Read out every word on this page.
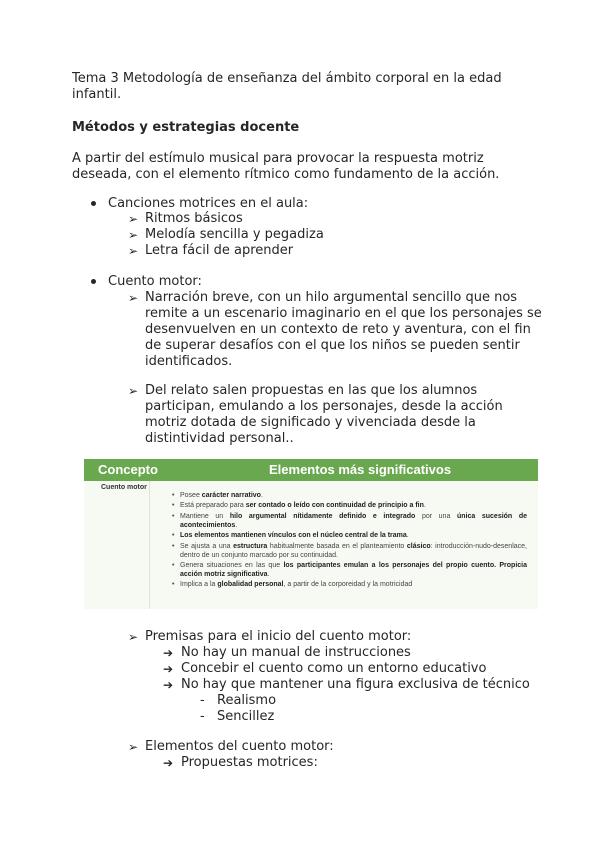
Tema 3 Metodología de enseñanza del ámbito corporal en la edad
infantil.
Métodos y estrategias docente
A partir del estímulo musical para provocar la respuesta motriz
deseada, con el elemento rítmico como fundamento de la acción.
Canciones motrices en el aula:
➢ Ritmos básicos
➢ Melodía sencilla y pegadiza
➢ Letra fácil de aprender
Cuento motor:
➢ Narración breve, con un hilo argumental sencillo que nos
remite a un escenario imaginario en el que los personajes se
desenvuelven en un contexto de reto y aventura, con el fin
de superar desafíos con el que los niños se pueden sentir
identificados.
➢ Del relato salen propuestas en las que los alumnos
participan, emulando a los personajes, desde la acción
motriz dotada de significado y vivenciada desde la
distintividad personal..
Concepto	Elementos más significativos
Cuento motor
• Posee carácter narrativo.
• Está preparado para ser contado o leído con continuidad de principio a fin.
• Mantiene un hilo argumental nítidamente definido e integrado por una única sucesión de acontecimientos.
• Los elementos mantienen vínculos con el núcleo central de la trama.
• Se ajusta a una estructura habitualmente basada en el planteamiento clásico: introducción-nudo-desenlace, dentro de un conjunto marcado por su continuidad.
• Genera situaciones en las que los participantes emulan a los personajes del propio cuento. Propicia acción motriz significativa.
• Implica a la globalidad personal, a partir de la corporeidad y la motricidad
➢ Premisas para el inicio del cuento motor:
➔ No hay un manual de instrucciones
➔ Concebir el cuento como un entorno educativo
➔ No hay que mantener una figura exclusiva de técnico
- Realismo
- Sencillez
➢ Elementos del cuento motor:
➔ Propuestas motrices:
